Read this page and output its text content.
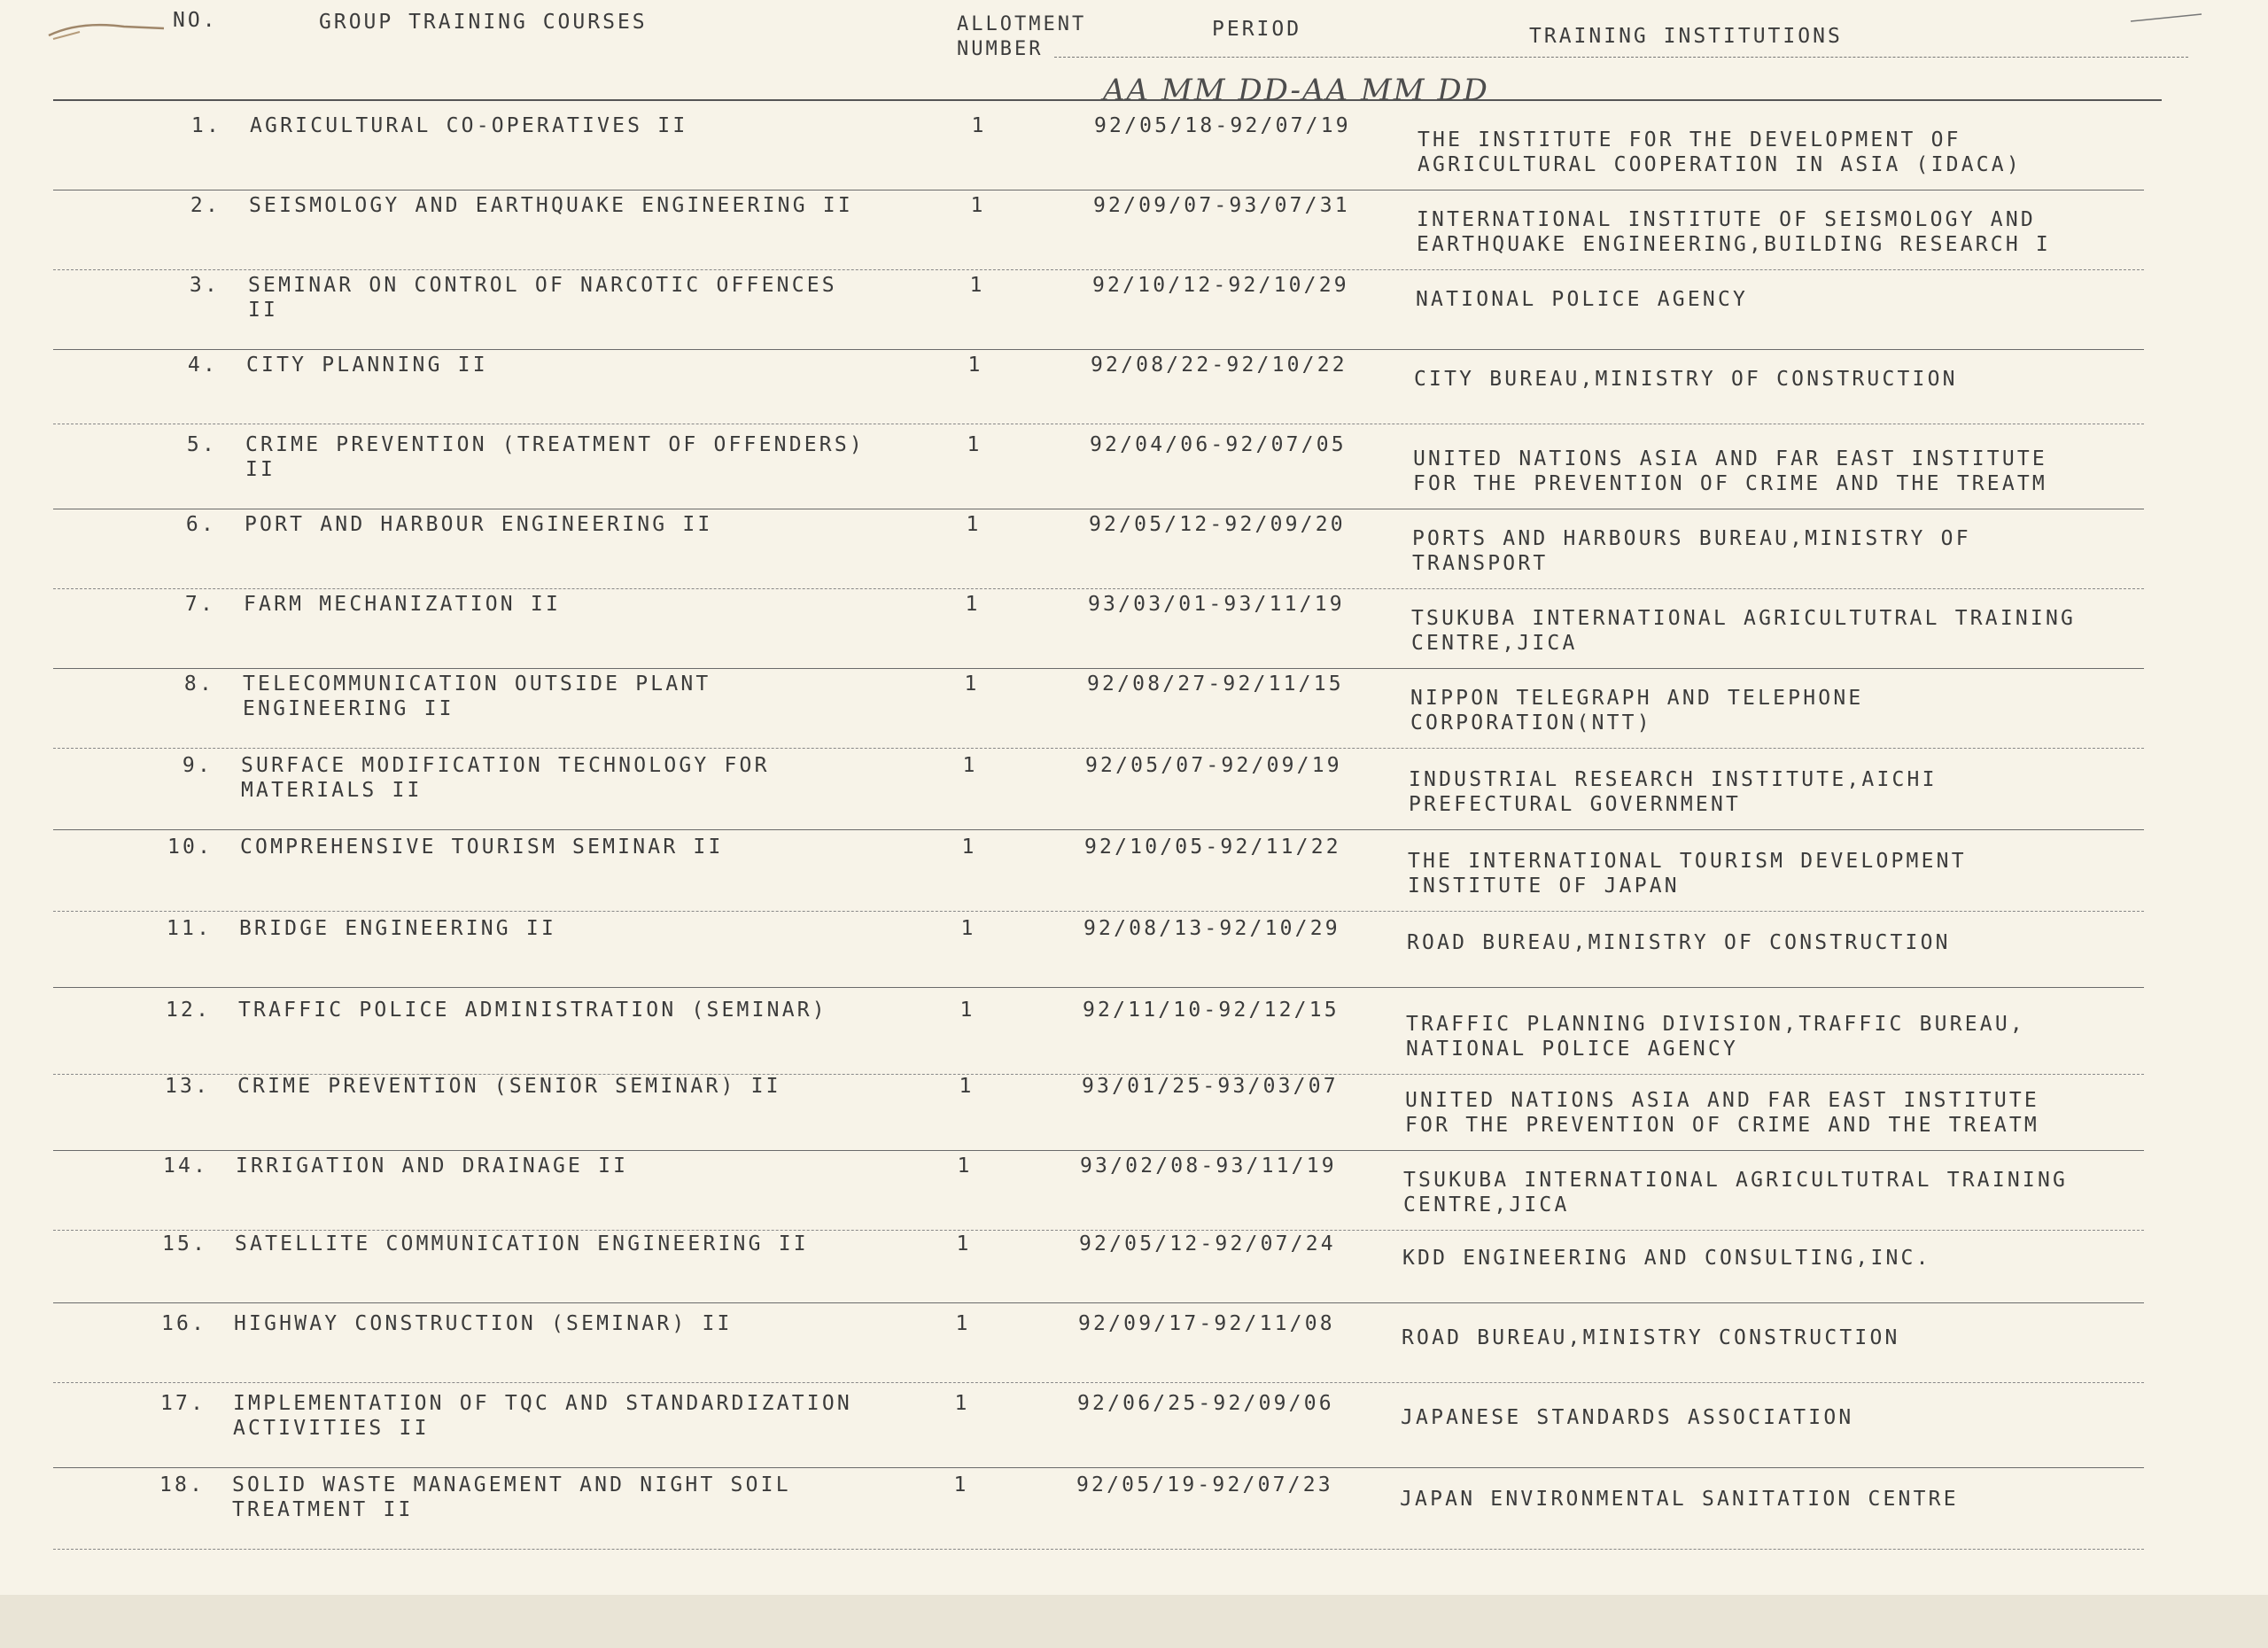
NO.	GROUP TRAINING COURSES	ALLOTMENT
NUMBER
PERIOD	TRAINING INSTITUTIONS
AA MM DD-AA MM DD
1. AGRICULTURAL CO-OPERATIVES II	1	92/05/18-92/07/19
THE INSTITUTE FOR THE DEVELOPMENT OF
AGRICULTURAL COOPERATION IN ASIA (IDACA)
2. SEISMOLOGY AND EARTHQUAKE ENGINEERING II	1	92/09/07-93/07/31
INTERNATIONAL INSTITUTE OF SEISMOLOGY AND
EARTHQUAKE ENGINEERING,BUILDING RESEARCH I
3. SEMINAR ON CONTROL OF NARCOTIC OFFENCES
II
1	92/10/12-92/10/29
NATIONAL POLICE AGENCY
4. CITY PLANNING II	1	92/08/22-92/10/22
CITY BUREAU,MINISTRY OF CONSTRUCTION
5. CRIME PREVENTION (TREATMENT OF OFFENDERS)
II
1	92/04/06-92/07/05
UNITED NATIONS ASIA AND FAR EAST INSTITUTE
FOR THE PREVENTION OF CRIME AND THE TREATM
6. PORT AND HARBOUR ENGINEERING II	1	92/05/12-92/09/20
PORTS AND HARBOURS BUREAU,MINISTRY OF
TRANSPORT
7. FARM MECHANIZATION II	1	93/03/01-93/11/19
TSUKUBA INTERNATIONAL AGRICULTUTRAL TRAINING
CENTRE,JICA
8. TELECOMMUNICATION OUTSIDE PLANT
ENGINEERING II
1	92/08/27-92/11/15
NIPPON TELEGRAPH AND TELEPHONE
CORPORATION(NTT)
9. SURFACE MODIFICATION TECHNOLOGY FOR
MATERIALS II
1	92/05/07-92/09/19
INDUSTRIAL RESEARCH INSTITUTE,AICHI
PREFECTURAL GOVERNMENT
10. COMPREHENSIVE TOURISM SEMINAR II	1	92/10/05-92/11/22
THE INTERNATIONAL TOURISM DEVELOPMENT
INSTITUTE OF JAPAN
11. BRIDGE ENGINEERING II	1	92/08/13-92/10/29
ROAD BUREAU,MINISTRY OF CONSTRUCTION
12. TRAFFIC POLICE ADMINISTRATION (SEMINAR)	1	92/11/10-92/12/15
TRAFFIC PLANNING DIVISION,TRAFFIC BUREAU,
NATIONAL POLICE AGENCY
13. CRIME PREVENTION (SENIOR SEMINAR) II	1	93/01/25-93/03/07
UNITED NATIONS ASIA AND FAR EAST INSTITUTE
FOR THE PREVENTION OF CRIME AND THE TREATM
14. IRRIGATION AND DRAINAGE II	1	93/02/08-93/11/19
TSUKUBA INTERNATIONAL AGRICULTUTRAL TRAINING
CENTRE,JICA
15. SATELLITE COMMUNICATION ENGINEERING II	1	92/05/12-92/07/24
KDD ENGINEERING AND CONSULTING,INC.
16. HIGHWAY CONSTRUCTION (SEMINAR) II	1	92/09/17-92/11/08
ROAD BUREAU,MINISTRY CONSTRUCTION
17. IMPLEMENTATION OF TQC AND STANDARDIZATION
ACTIVITIES II
1	92/06/25-92/09/06
JAPANESE STANDARDS ASSOCIATION
18. SOLID WASTE MANAGEMENT AND NIGHT SOIL
TREATMENT II
1	92/05/19-92/07/23
JAPAN ENVIRONMENTAL SANITATION CENTRE
